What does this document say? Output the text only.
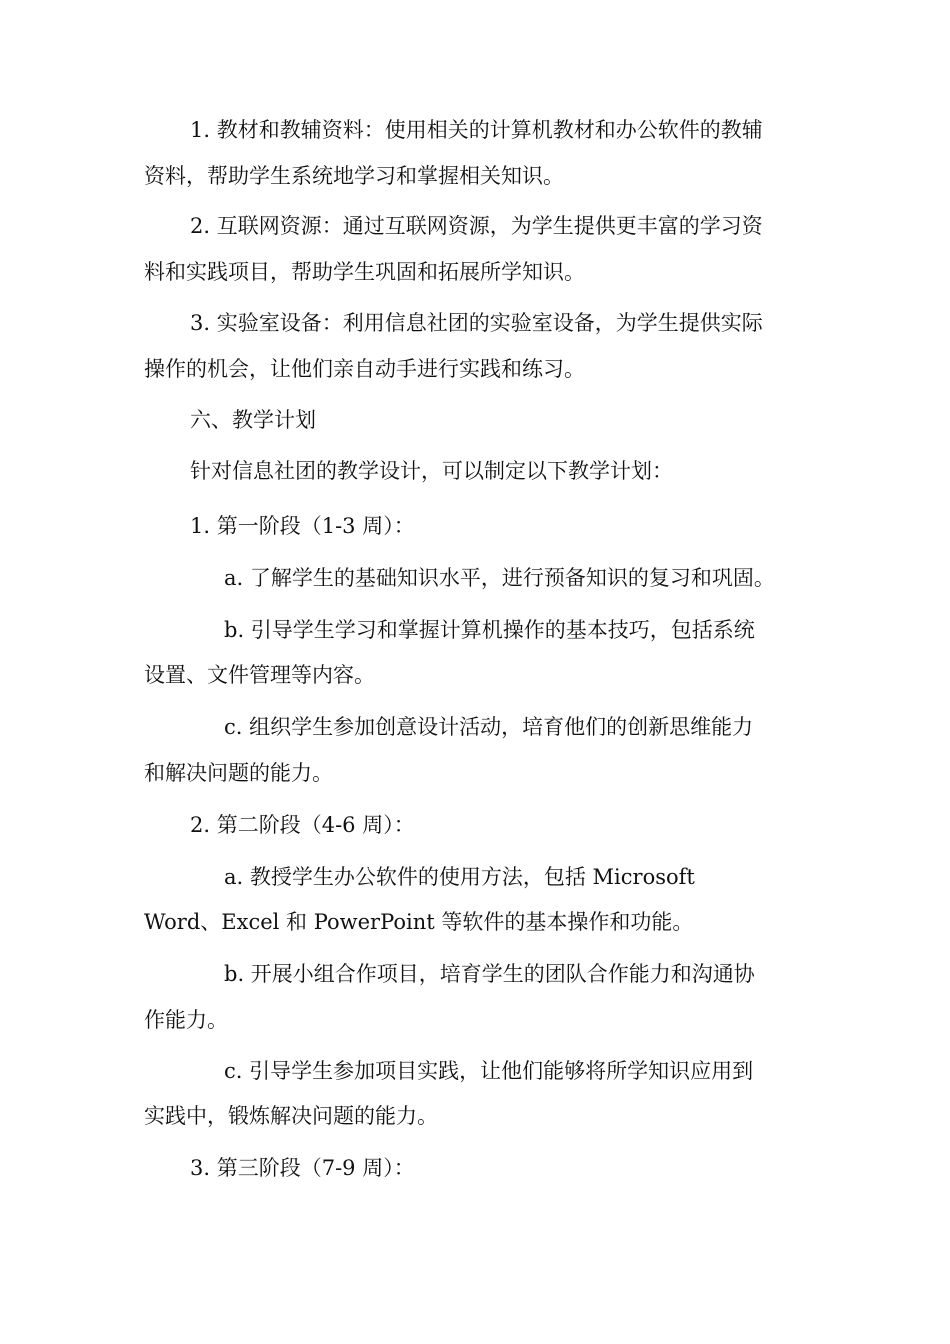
1. 教材和教辅资料：使用相关的计算机教材和办公软件的教辅
资料，帮助学生系统地学习和掌握相关知识。
2. 互联网资源：通过互联网资源，为学生提供更丰富的学习资
料和实践项目，帮助学生巩固和拓展所学知识。
3. 实验室设备：利用信息社团的实验室设备，为学生提供实际
操作的机会，让他们亲自动手进行实践和练习。
六、教学计划
针对信息社团的教学设计，可以制定以下教学计划：
1. 第一阶段（1-3 周）：
a. 了解学生的基础知识水平，进行预备知识的复习和巩固。
b. 引导学生学习和掌握计算机操作的基本技巧，包括系统
设置、文件管理等内容。
c. 组织学生参加创意设计活动，培育他们的创新思维能力
和解决问题的能力。
2. 第二阶段（4-6 周）：
a. 教授学生办公软件的使用方法，包括 Microsoft
Word、Excel 和 PowerPoint 等软件的基本操作和功能。
b. 开展小组合作项目，培育学生的团队合作能力和沟通协
作能力。
c. 引导学生参加项目实践，让他们能够将所学知识应用到
实践中，锻炼解决问题的能力。
3. 第三阶段（7-9 周）：
